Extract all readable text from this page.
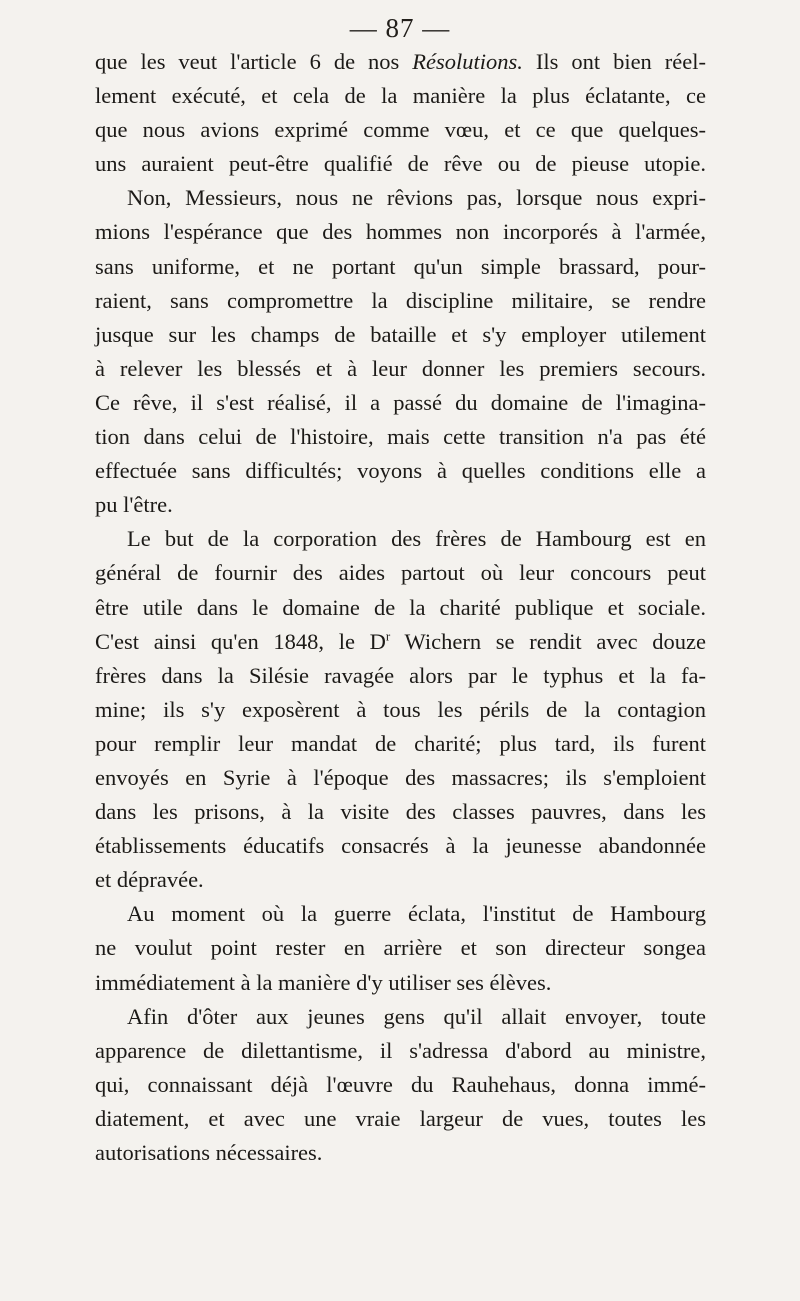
— 87 —
que les veut l'article 6 de nos Résolutions. Ils ont bien réel-
lement exécuté, et cela de la manière la plus éclatante, ce
que nous avions exprimé comme vœu, et ce que quelques-
uns auraient peut-être qualifié de rêve ou de pieuse utopie.
Non, Messieurs, nous ne rêvions pas, lorsque nous expri-
mions l'espérance que des hommes non incorporés à l'armée,
sans uniforme, et ne portant qu'un simple brassard, pour-
raient, sans compromettre la discipline militaire, se rendre
jusque sur les champs de bataille et s'y employer utilement
à relever les blessés et à leur donner les premiers secours.
Ce rêve, il s'est réalisé, il a passé du domaine de l'imagina-
tion dans celui de l'histoire, mais cette transition n'a pas été
effectuée sans difficultés; voyons à quelles conditions elle a
pu l'être.
Le but de la corporation des frères de Hambourg est en
général de fournir des aides partout où leur concours peut
être utile dans le domaine de la charité publique et sociale.
C'est ainsi qu'en 1848, le $D^r$ Wichern se rendit avec douze
frères dans la Silésie ravagée alors par le typhus et la fa-
mine; ils s'y exposèrent à tous les périls de la contagion
pour remplir leur mandat de charité; plus tard, ils furent
envoyés en Syrie à l'époque des massacres; ils s'emploient
dans les prisons, à la visite des classes pauvres, dans les
établissements éducatifs consacrés à la jeunesse abandonnée
et dépravée.
Au moment où la guerre éclata, l'institut de Hambourg
ne voulut point rester en arrière et son directeur songea
immédiatement à la manière d'y utiliser ses élèves.
Afin d'ôter aux jeunes gens qu'il allait envoyer, toute
apparence de dilettantisme, il s'adressa d'abord au ministre,
qui, connaissant déjà l'œuvre du Rauhehaus, donna immé-
diatement, et avec une vraie largeur de vues, toutes les
autorisations nécessaires.
